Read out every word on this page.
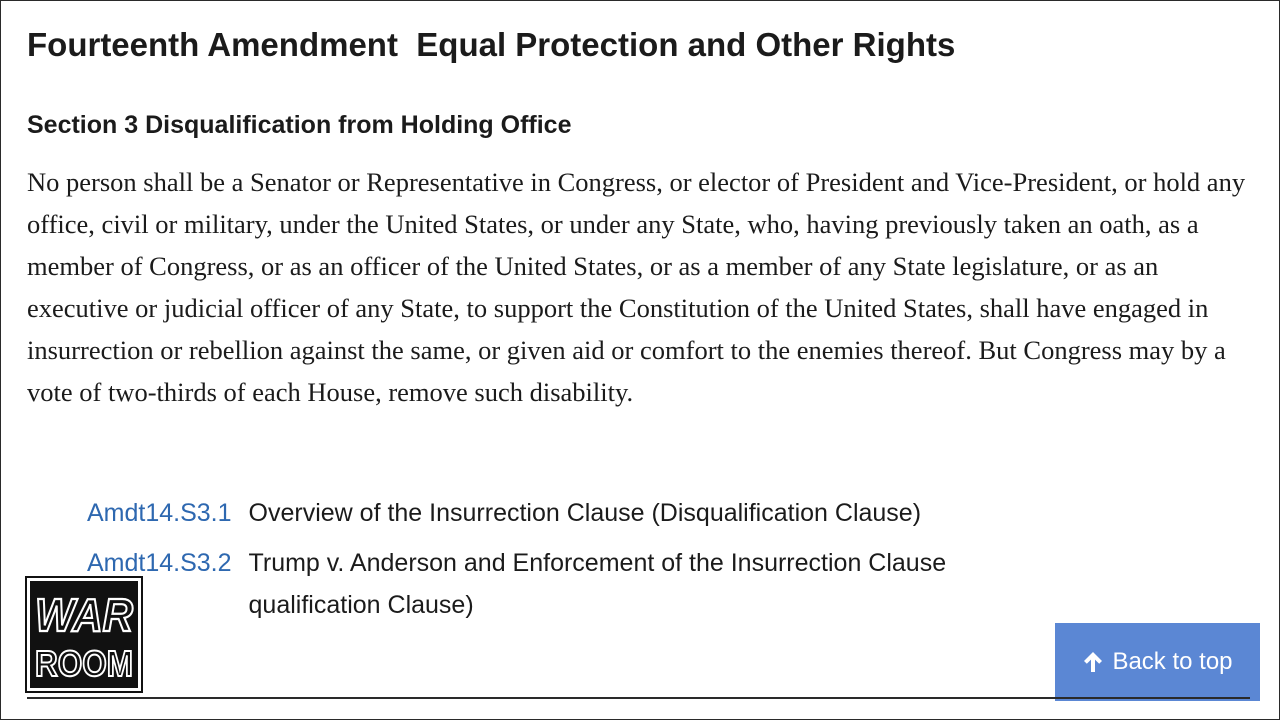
Fourteenth Amendment  Equal Protection and Other Rights
Section 3 Disqualification from Holding Office

No person shall be a Senator or Representative in Congress, or elector of President and Vice-President, or hold any office, civil or military, under the United States, or under any State, who, having previously taken an oath, as a member of Congress, or as an officer of the United States, or as a member of any State legislature, or as an executive or judicial officer of any State, to support the Constitution of the United States, shall have engaged in insurrection or rebellion against the same, or given aid or comfort to the enemies thereof. But Congress may by a vote of two-thirds of each House, remove such disability.

Amdt14.S3.1 Overview of the Insurrection Clause (Disqualification Clause)
Amdt14.S3.2 Trump v. Anderson and Enforcement of the Insurrection Clause
qualification Clause)
WAR
ROOM	Back to top
